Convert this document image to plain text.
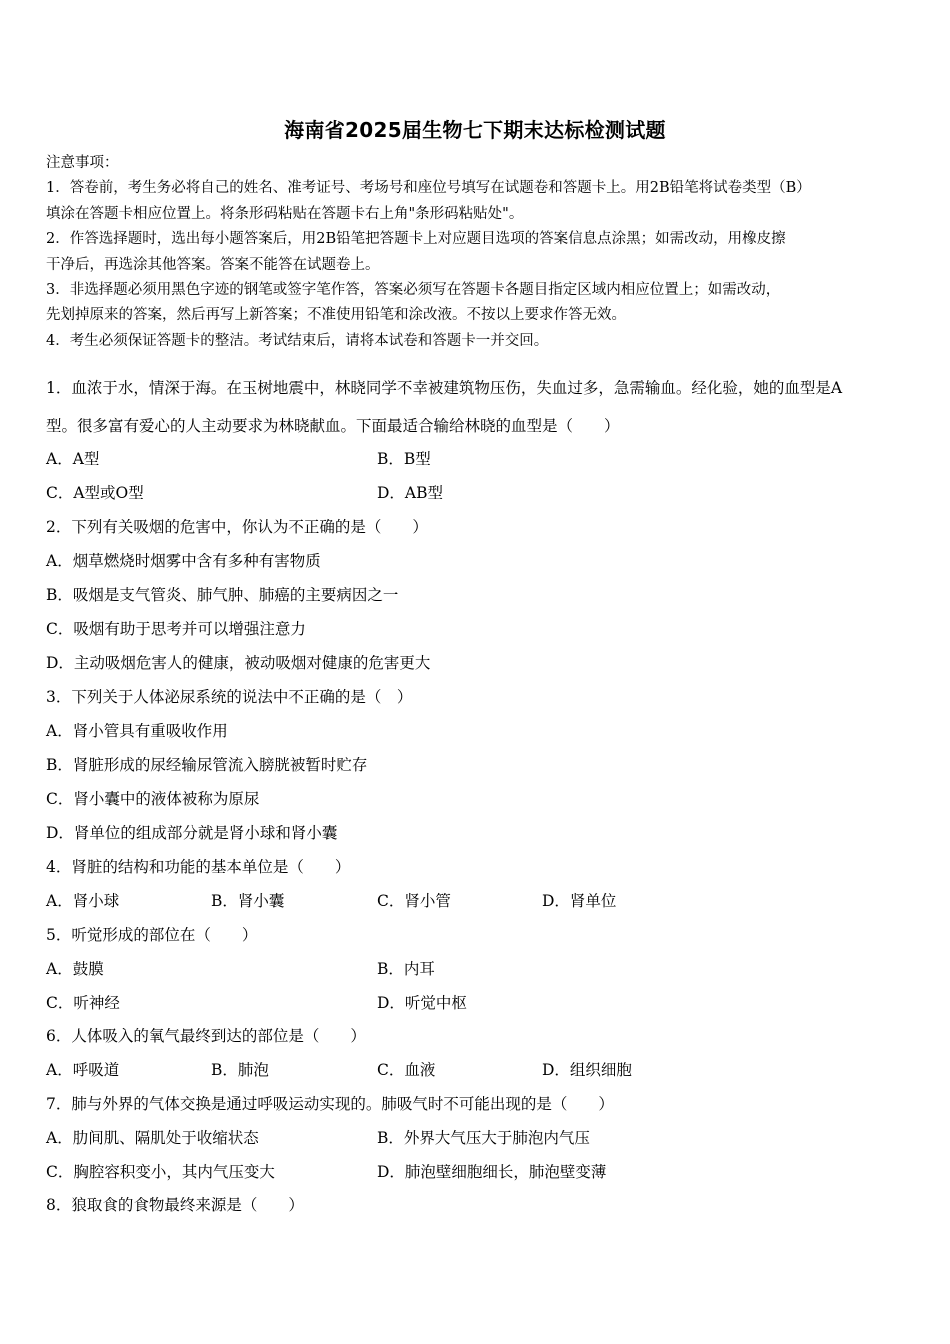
海南省2025届生物七下期末达标检测试题
注意事项：
1．答卷前，考生务必将自己的姓名、准考证号、考场号和座位号填写在试题卷和答题卡上。用2B铅笔将试卷类型（B）
填涂在答题卡相应位置上。将条形码粘贴在答题卡右上角"条形码粘贴处"。
2．作答选择题时，选出每小题答案后，用2B铅笔把答题卡上对应题目选项的答案信息点涂黑；如需改动，用橡皮擦
干净后，再选涂其他答案。答案不能答在试题卷上。
3．非选择题必须用黑色字迹的钢笔或签字笔作答，答案必须写在答题卡各题目指定区域内相应位置上；如需改动，
先划掉原来的答案，然后再写上新答案；不准使用铅笔和涂改液。不按以上要求作答无效。
4．考生必须保证答题卡的整洁。考试结束后，请将本试卷和答题卡一并交回。
1．血浓于水，情深于海。在玉树地震中，林晓同学不幸被建筑物压伤，失血过多，急需输血。经化验，她的血型是A
型。很多富有爱心的人主动要求为林晓献血。下面最适合输给林晓的血型是（　　）
A．A型	B．B型
C．A型或O型	D．AB型
2．下列有关吸烟的危害中，你认为不正确的是（　　）
A．烟草燃烧时烟雾中含有多种有害物质
B．吸烟是支气管炎、肺气肿、肺癌的主要病因之一
C．吸烟有助于思考并可以增强注意力
D．主动吸烟危害人的健康，被动吸烟对健康的危害更大
3．下列关于人体泌尿系统的说法中不正确的是（　）
A．肾小管具有重吸收作用
B．肾脏形成的尿经输尿管流入膀胱被暂时贮存
C．肾小囊中的液体被称为原尿
D．肾单位的组成部分就是肾小球和肾小囊
4．肾脏的结构和功能的基本单位是（　　）
A．肾小球	B．肾小囊	C．肾小管	D．肾单位
5．听觉形成的部位在（　　）
A．鼓膜	B．内耳
C．听神经	D．听觉中枢
6．人体吸入的氧气最终到达的部位是（　　）
A．呼吸道	B．肺泡	C．血液	D．组织细胞
7．肺与外界的气体交换是通过呼吸运动实现的。肺吸气时不可能出现的是（　　）
A．肋间肌、隔肌处于收缩状态	B．外界大气压大于肺泡内气压
C．胸腔容积变小，其内气压变大	D．肺泡壁细胞细长，肺泡壁变薄
8．狼取食的食物最终来源是（　　）
